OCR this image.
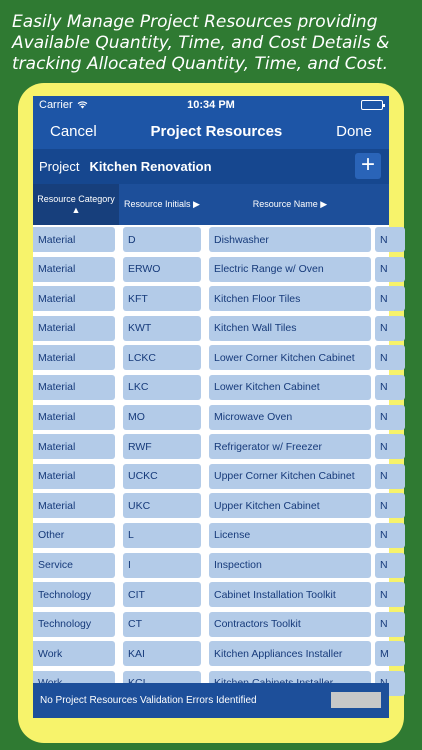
Easily Manage Project Resources providing Available Quantity, Time, and Cost Details & tracking Allocated Quantity, Time, and Cost.
Carrier	10:34 PM
Cancel	Project Resources	Done
Project Kitchen Renovation	+
Resource Category ▲
Resource Initials ▶	Resource Name ▶
Material	D	Dishwasher	N
Material	ERWO	Electric Range w/ Oven	N
Material	KFT	Kitchen Floor Tiles	N
Material	KWT	Kitchen Wall Tiles	N
Material	LCKC	Lower Corner Kitchen Cabinet	N
Material	LKC	Lower Kitchen Cabinet	N
Material	MO	Microwave Oven	N
Material	RWF	Refrigerator w/ Freezer	N
Material	UCKC	Upper Corner Kitchen Cabinet	N
Material	UKC	Upper Kitchen Cabinet	N
Other	L	License	N
Service	I	Inspection	N
Technology	CIT	Cabinet Installation Toolkit	N
Technology	CT	Contractors Toolkit	N
Work	KAI	Kitchen Appliances Installer	M
No Project Resources Validation Errors Identified
